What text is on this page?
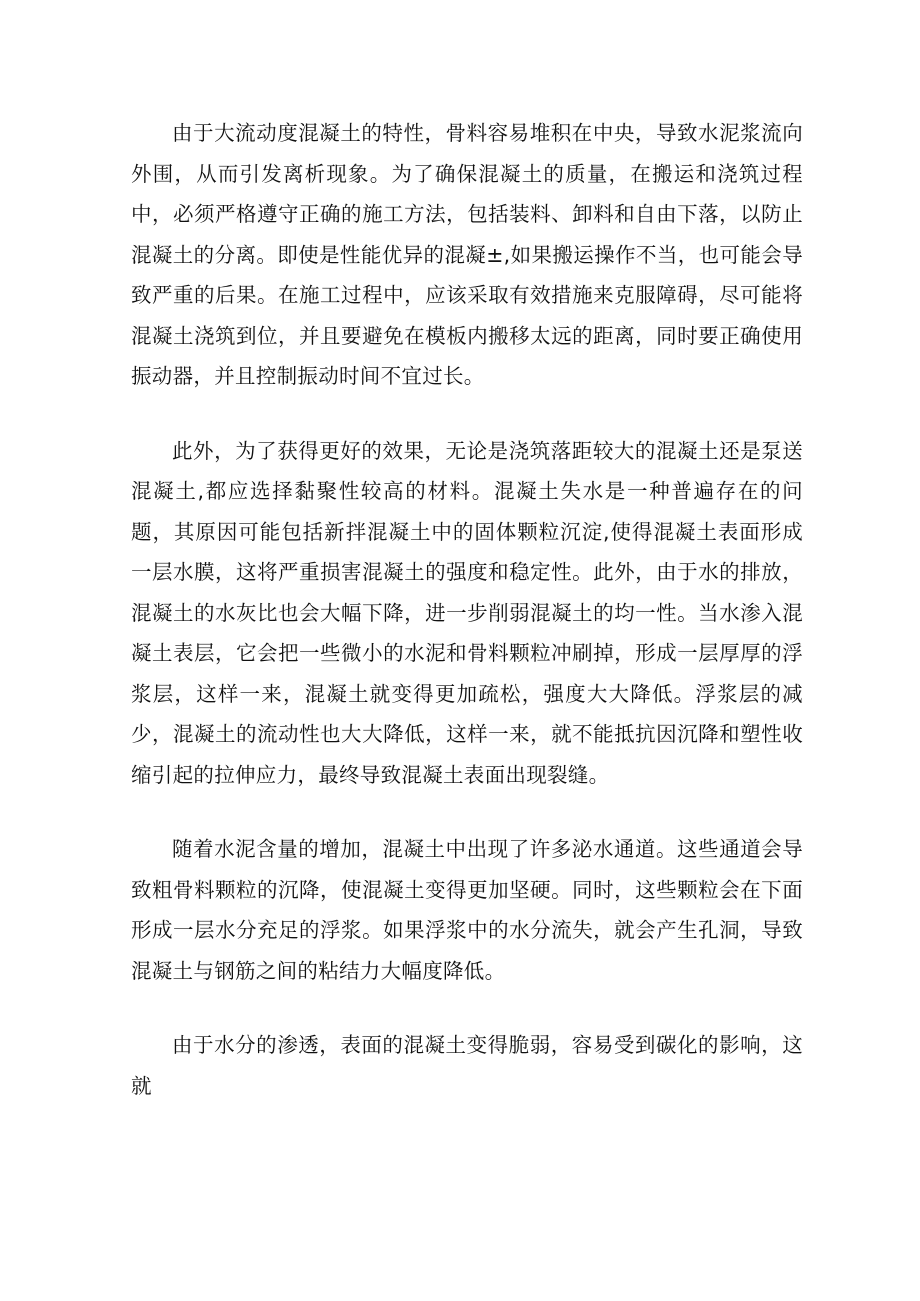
由于大流动度混凝土的特性，骨料容易堆积在中央，导致水泥浆流向外围，从而引发离析现象。为了确保混凝土的质量，在搬运和浇筑过程中，必须严格遵守正确的施工方法，包括装料、卸料和自由下落，以防止混凝土的分离。即使是性能优异的混凝±,如果搬运操作不当，也可能会导致严重的后果。在施工过程中，应该采取有效措施来克服障碍，尽可能将混凝土浇筑到位，并且要避免在模板内搬移太远的距离，同时要正确使用振动器，并且控制振动时间不宜过长。

此外，为了获得更好的效果，无论是浇筑落距较大的混凝土还是泵送混凝土,都应选择黏聚性较高的材料。混凝土失水是一种普遍存在的问题，其原因可能包括新拌混凝土中的固体颗粒沉淀,使得混凝土表面形成一层水膜，这将严重损害混凝土的强度和稳定性。此外，由于水的排放，混凝土的水灰比也会大幅下降，进一步削弱混凝土的均一性。当水渗入混凝土表层，它会把一些微小的水泥和骨料颗粒冲刷掉，形成一层厚厚的浮浆层，这样一来，混凝土就变得更加疏松，强度大大降低。浮浆层的减少，混凝土的流动性也大大降低，这样一来，就不能抵抗因沉降和塑性收缩引起的拉伸应力，最终导致混凝土表面出现裂缝。

随着水泥含量的增加，混凝土中出现了许多泌水通道。这些通道会导致粗骨料颗粒的沉降，使混凝土变得更加坚硬。同时，这些颗粒会在下面形成一层水分充足的浮浆。如果浮浆中的水分流失，就会产生孔洞，导致混凝土与钢筋之间的粘结力大幅度降低。

由于水分的渗透，表面的混凝土变得脆弱，容易受到碳化的影响，这就
